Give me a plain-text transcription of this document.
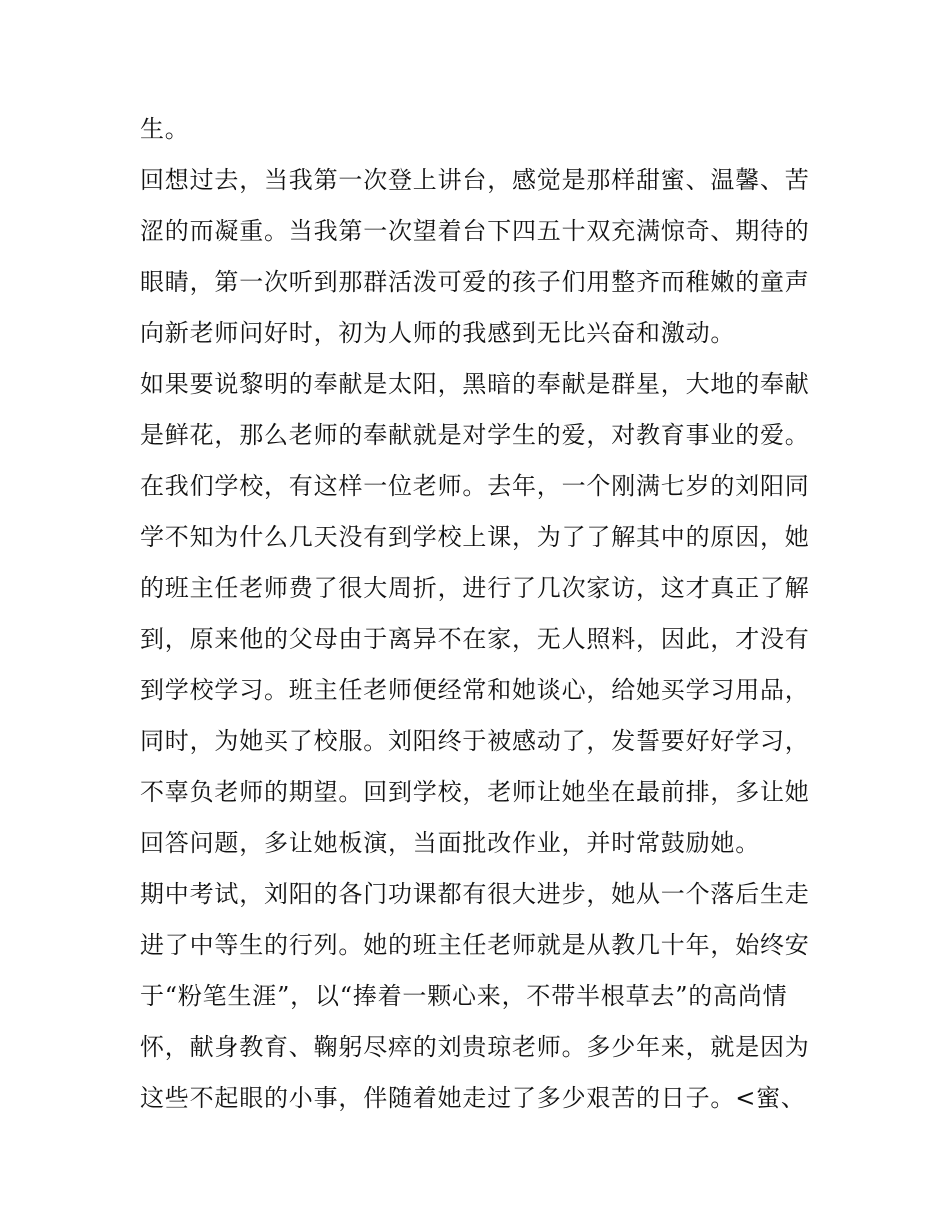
生。
回想过去，当我第一次登上讲台，感觉是那样甜蜜、温馨、苦
涩的而凝重。当我第一次望着台下四五十双充满惊奇、期待的
眼睛，第一次听到那群活泼可爱的孩子们用整齐而稚嫩的童声
向新老师问好时，初为人师的我感到无比兴奋和激动。
如果要说黎明的奉献是太阳，黑暗的奉献是群星，大地的奉献
是鲜花，那么老师的奉献就是对学生的爱，对教育事业的爱。
在我们学校，有这样一位老师。去年，一个刚满七岁的刘阳同
学不知为什么几天没有到学校上课，为了了解其中的原因，她
的班主任老师费了很大周折，进行了几次家访，这才真正了解
到，原来他的父母由于离异不在家，无人照料，因此，才没有
到学校学习。班主任老师便经常和她谈心，给她买学习用品，
同时，为她买了校服。刘阳终于被感动了，发誓要好好学习，
不辜负老师的期望。回到学校，老师让她坐在最前排，多让她
回答问题，多让她板演，当面批改作业，并时常鼓励她。
期中考试，刘阳的各门功课都有很大进步，她从一个落后生走
进了中等生的行列。她的班主任老师就是从教几十年，始终安
于“粉笔生涯”，以“捧着一颗心来，不带半根草去”的高尚情
怀，献身教育、鞠躬尽瘁的刘贵琼老师。多少年来，就是因为
这些不起眼的小事，伴随着她走过了多少艰苦的日子。<蜜、
